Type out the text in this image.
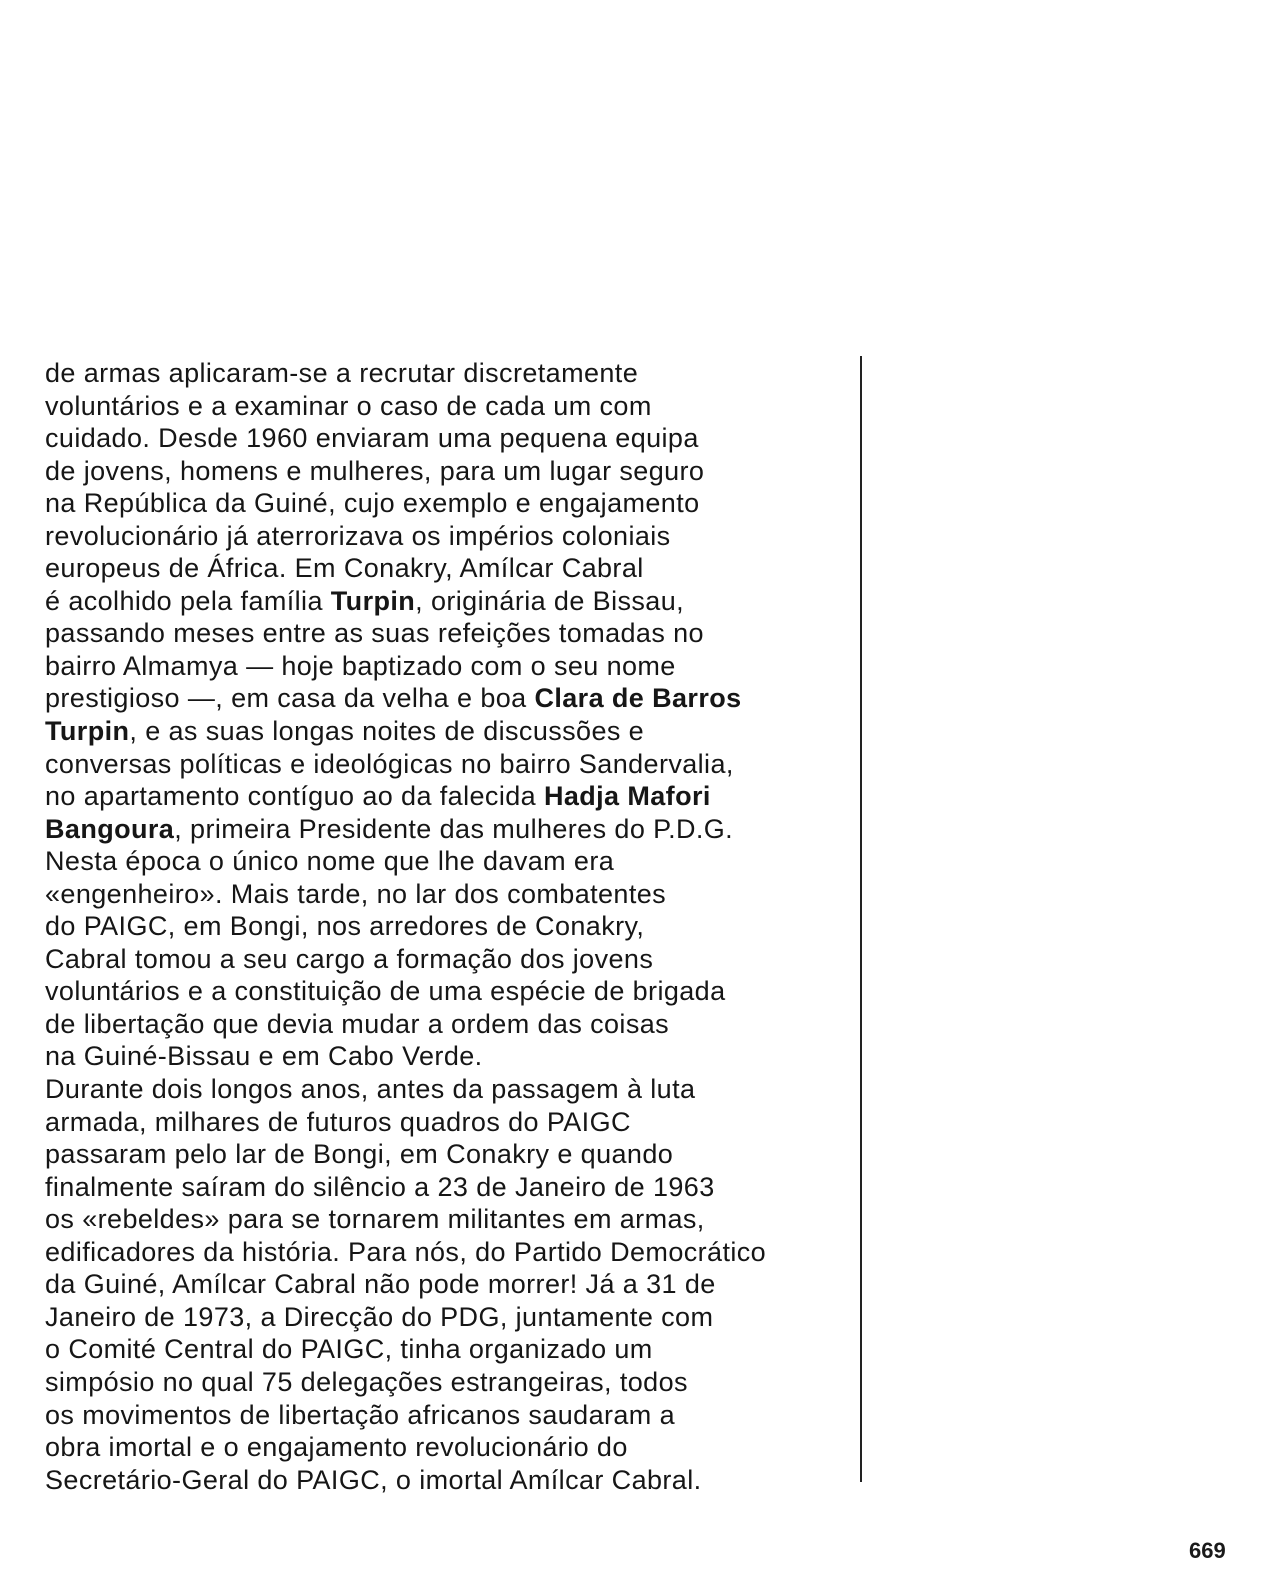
de armas aplicaram-se a recrutar discretamente
voluntários e a examinar o caso de cada um com
cuidado. Desde 1960 enviaram uma pequena equipa
de jovens, homens e mulheres, para um lugar seguro
na República da Guiné, cujo exemplo e engajamento
revolucionário já aterrorizava os impérios coloniais
europeus de África. Em Conakry, Amílcar Cabral
é acolhido pela família Turpin, originária de Bissau,
passando meses entre as suas refeições tomadas no
bairro Almamya — hoje baptizado com o seu nome
prestigioso —, em casa da velha e boa Clara de Barros
Turpin, e as suas longas noites de discussões e
conversas políticas e ideológicas no bairro Sandervalia,
no apartamento contíguo ao da falecida Hadja Mafori
Bangoura, primeira Presidente das mulheres do P.D.G.
Nesta época o único nome que lhe davam era
«engenheiro». Mais tarde, no lar dos combatentes
do PAIGC, em Bongi, nos arredores de Conakry,
Cabral tomou a seu cargo a formação dos jovens
voluntários e a constituição de uma espécie de brigada
de libertação que devia mudar a ordem das coisas
na Guiné-Bissau e em Cabo Verde.
Durante dois longos anos, antes da passagem à luta
armada, milhares de futuros quadros do PAIGC
passaram pelo lar de Bongi, em Conakry e quando
finalmente saíram do silêncio a 23 de Janeiro de 1963
os «rebeldes» para se tornarem militantes em armas,
edificadores da história. Para nós, do Partido Democrático
da Guiné, Amílcar Cabral não pode morrer! Já a 31 de
Janeiro de 1973, a Direcção do PDG, juntamente com
o Comité Central do PAIGC, tinha organizado um
simpósio no qual 75 delegações estrangeiras, todos
os movimentos de libertação africanos saudaram a
obra imortal e o engajamento revolucionário do
Secretário-Geral do PAIGC, o imortal Amílcar Cabral.
669
